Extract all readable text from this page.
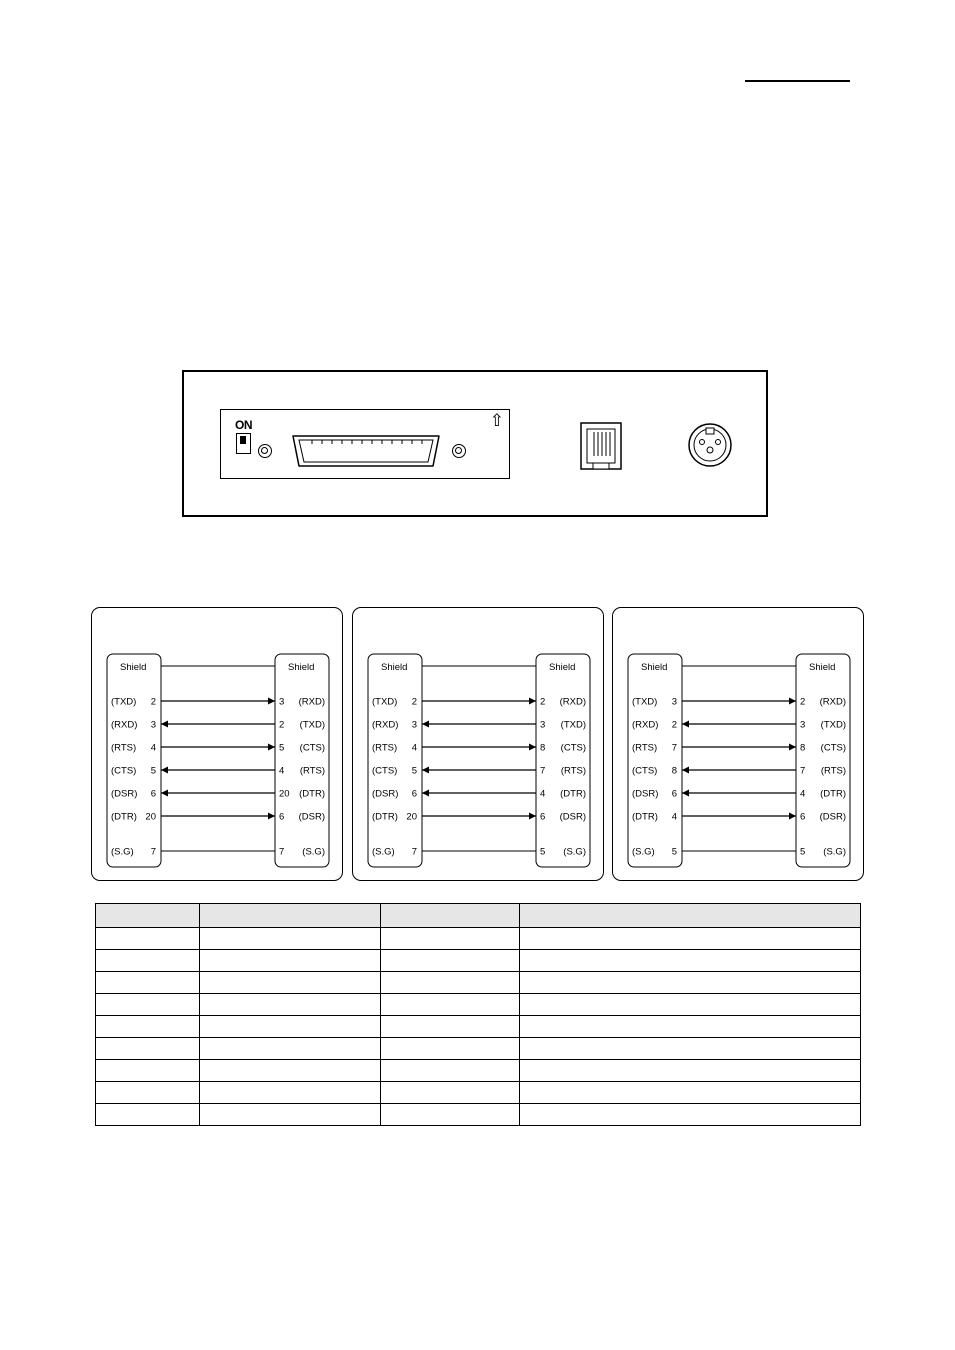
ON	⇧
Shield	Shield
(TXD) 2	3 (RXD)
(RXD) 3	2 (TXD)
(RTS) 4	5 (CTS)
(CTS) 5	4 (RTS)
(DSR) 6	20 (DTR)
(DTR) 20	6 (DSR)
(S.G) 7	7 (S.G)
Shield	Shield
(TXD) 2	2 (RXD)
(RXD) 3	3 (TXD)
(RTS) 4	8 (CTS)
(CTS) 5	7 (RTS)
(DSR) 6	4 (DTR)
(DTR) 20	6 (DSR)
(S.G) 7	5 (S.G)
Shield	Shield
(TXD) 3	2 (RXD)
(RXD) 2	3 (TXD)
(RTS) 7	8 (CTS)
(CTS) 8	7 (RTS)
(DSR) 6	4 (DTR)
(DTR) 4	6 (DSR)
(S.G) 5	5 (S.G)
